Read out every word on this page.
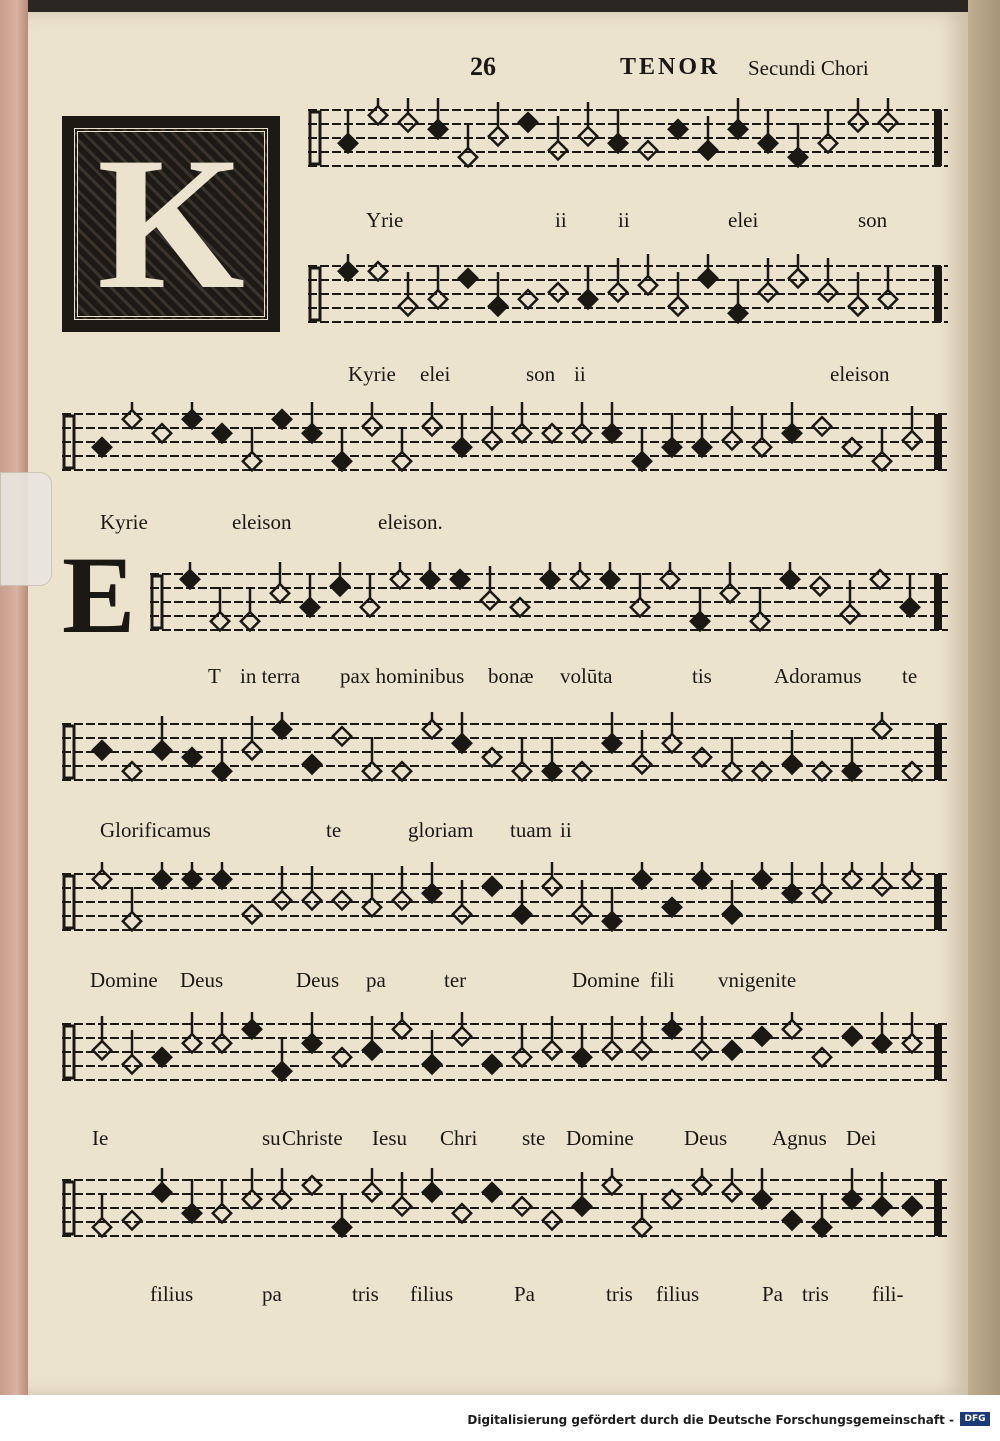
26	TENOR Secundi Chori
K
E
Yrie	ii ii	elei	son
Kyrie elei	son ii	eleison
Kyrie	eleison	eleison.
T in terra pax hominibus bonæ volūta	tis	Adoramus te
Glorificamus	te	gloriam tuam ii
Domine Deus	Deus pa	ter	Domine fili vnigenite
Ie	su Christe Iesu Chri ste Domine Deus Agnus Dei
filius	pa	tris filius	Pa	tris filius	Pa tris fili-
Digitalisierung gefördert durch die Deutsche Forschungsgemeinschaft -	DFG
